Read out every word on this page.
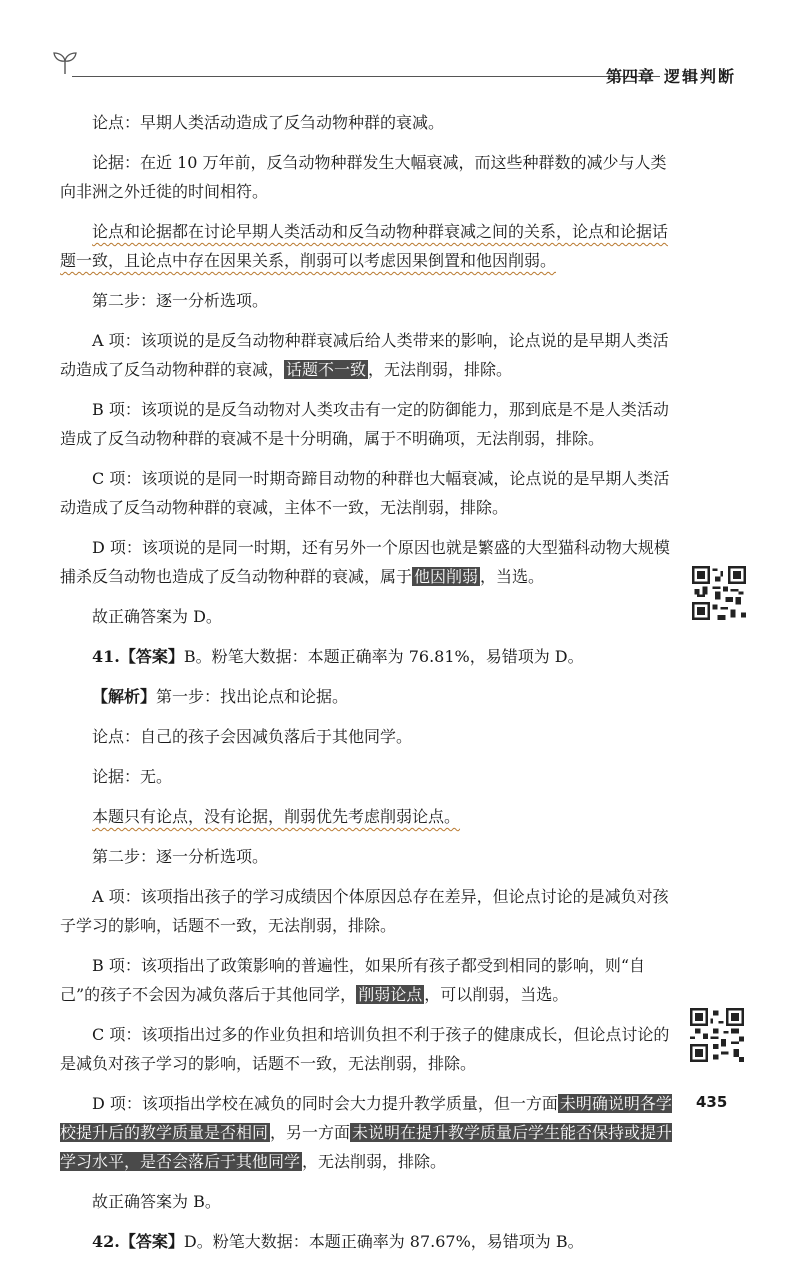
第四章 逻辑判断

论点：早期人类活动造成了反刍动物种群的衰减。

论据：在近 10 万年前，反刍动物种群发生大幅衰减，而这些种群数的减少与人类向非洲之外迁徙的时间相符。

论点和论据都在讨论早期人类活动和反刍动物种群衰减之间的关系，论点和论据话题一致，且论点中存在因果关系，削弱可以考虑因果倒置和他因削弱。

第二步：逐一分析选项。

A 项：该项说的是反刍动物种群衰减后给人类带来的影响，论点说的是早期人类活动造成了反刍动物种群的衰减， 话题不一致 ，无法削弱，排除。

B 项：该项说的是反刍动物对人类攻击有一定的防御能力，那到底是不是人类活动造成了反刍动物种群的衰减不是十分明确，属于不明确项，无法削弱，排除。

C 项：该项说的是同一时期奇蹄目动物的种群也大幅衰减，论点说的是早期人类活动造成了反刍动物种群的衰减，主体不一致，无法削弱，排除。

D 项：该项说的是同一时期，还有另外一个原因也就是繁盛的大型猫科动物大规模捕杀反刍动物也造成了反刍动物种群的衰减，属于 他因削弱 ，当选。

故正确答案为 D。

41.【答案】B。粉笔大数据：本题正确率为 76.81%，易错项为 D。

【解析】第一步：找出论点和论据。

论点：自己的孩子会因减负落后于其他同学。

论据：无。

本题只有论点，没有论据，削弱优先考虑削弱论点。

第二步：逐一分析选项。

A 项：该项指出孩子的学习成绩因个体原因总存在差异，但论点讨论的是减负对孩子学习的影响，话题不一致，无法削弱，排除。

B 项：该项指出了政策影响的普遍性，如果所有孩子都受到相同的影响，则“自己”的孩子不会因为减负落后于其他同学， 削弱论点 ，可以削弱，当选。

C 项：该项指出过多的作业负担和培训负担不利于孩子的健康成长，但论点讨论的是减负对孩子学习的影响，话题不一致，无法削弱，排除。

D 项：该项指出学校在减负的同时会大力提升教学质量，但一方面 未明确说明各学校提升后的教学质量是否相同 ，另一方面 未说明在提升教学质量后学生能否保持或提升学习水平，是否会落后于其他同学 ，无法削弱，排除。

故正确答案为 B。

42.【答案】D。粉笔大数据：本题正确率为 87.67%，易错项为 B。

435
